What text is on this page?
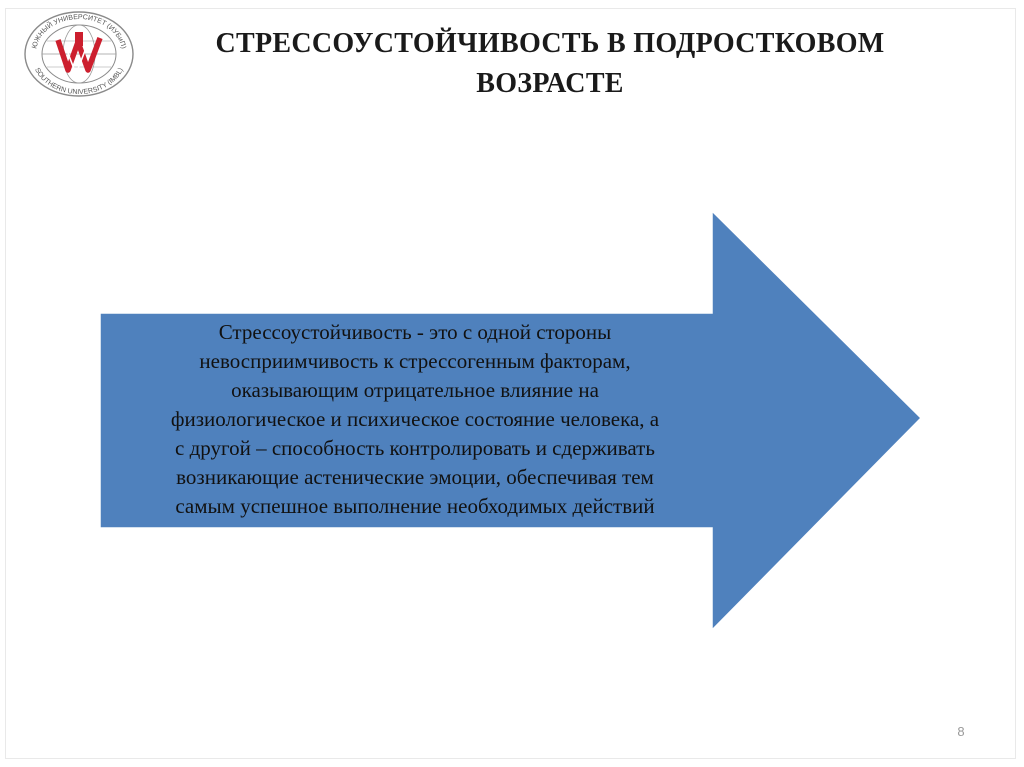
ЮЖНЫЙ УНИВЕРСИТЕТ (ИУБиП)
SOUTHERN UNIVERSITY (IMBL)
СТРЕССОУСТОЙЧИВОСТЬ В ПОДРОСТКОВОМ
ВОЗРАСТЕ
Стрессоустойчивость - это с одной стороны
невосприимчивость к стрессогенным факторам,
оказывающим отрицательное влияние на
физиологическое и психическое состояние человека, а
с другой – способность контролировать и сдерживать
возникающие астенические эмоции, обеспечивая тем
самым успешное выполнение необходимых действий
8
